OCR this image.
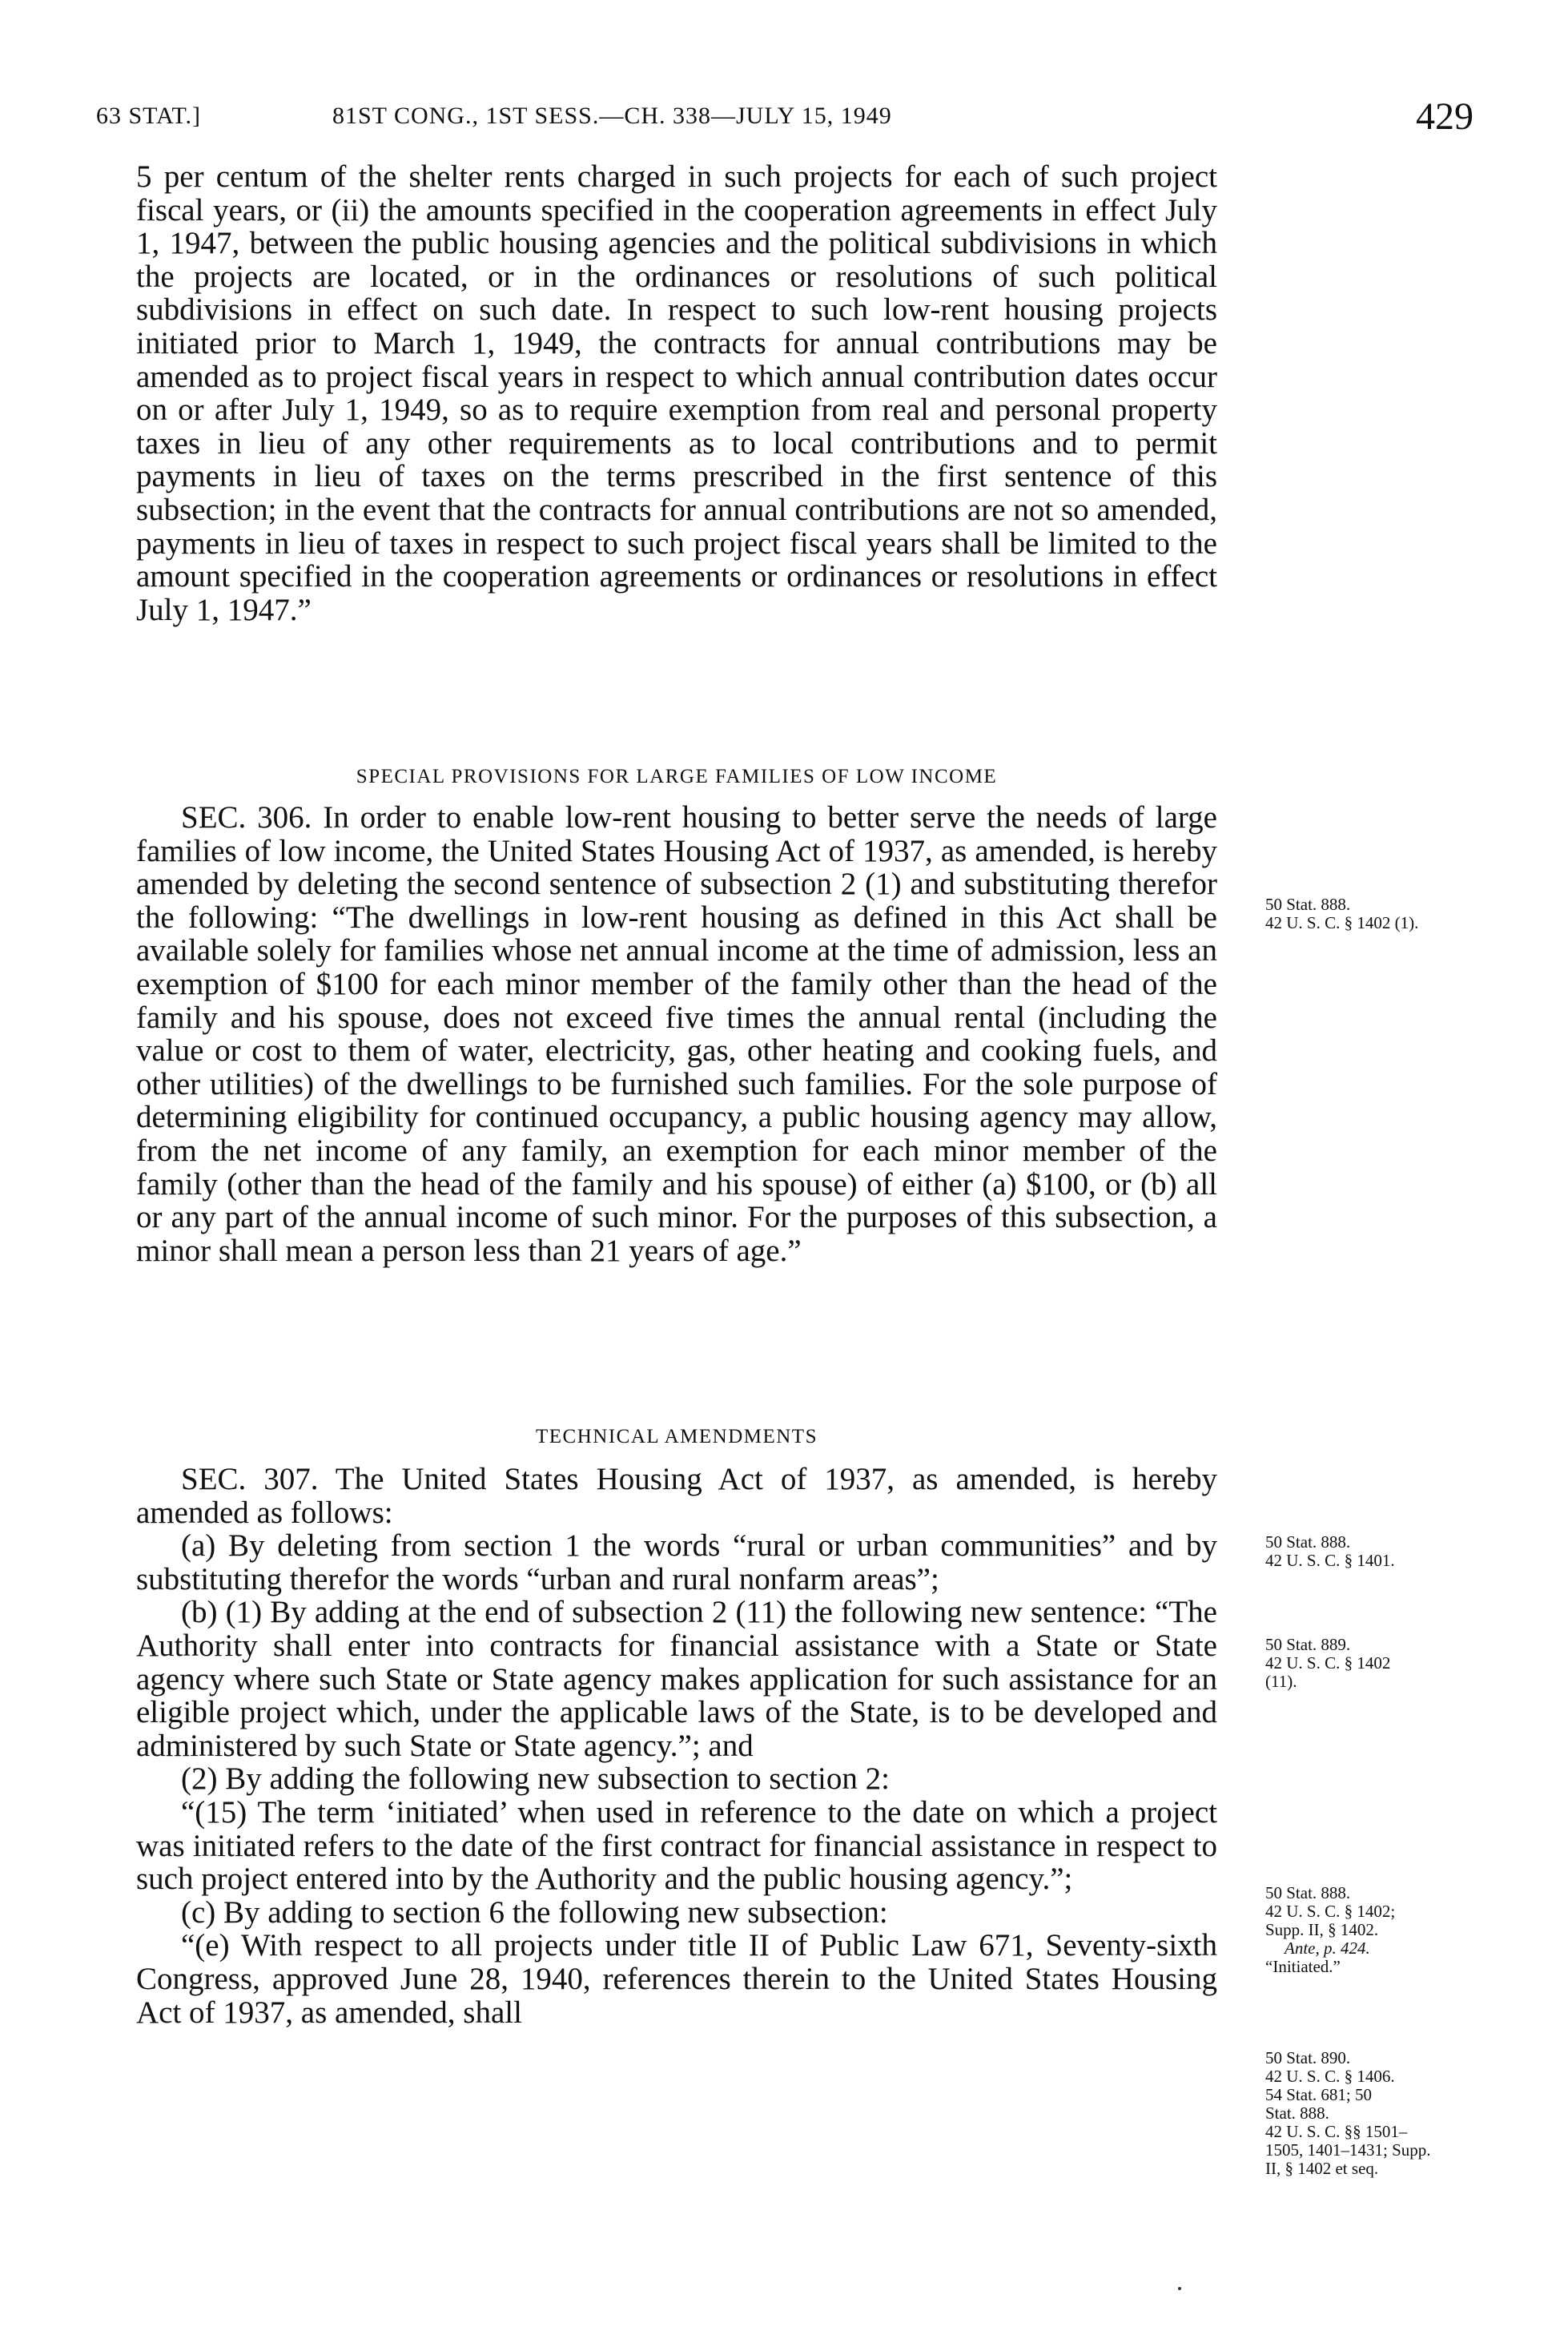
63 STAT.]	81ST CONG., 1ST SESS.—CH. 338—JULY 15, 1949	429

5 per centum of the shelter rents charged in such projects for each of such project fiscal years, or (ii) the amounts specified in the cooperation agreements in effect July 1, 1947, between the public housing agencies and the political subdivisions in which the projects are located, or in the ordinances or resolutions of such political subdivisions in effect on such date. In respect to such low-rent housing projects initiated prior to March 1, 1949, the contracts for annual contributions may be amended as to project fiscal years in respect to which annual contribution dates occur on or after July 1, 1949, so as to require exemption from real and personal property taxes in lieu of any other requirements as to local contributions and to permit payments in lieu of taxes on the terms prescribed in the first sentence of this subsection; in the event that the contracts for annual contributions are not so amended, payments in lieu of taxes in respect to such project fiscal years shall be limited to the amount specified in the cooperation agreements or ordinances or resolutions in effect July 1, 1947.”

SPECIAL PROVISIONS FOR LARGE FAMILIES OF LOW INCOME

SEC. 306. In order to enable low-rent housing to better serve the needs of large families of low income, the United States Housing Act of 1937, as amended, is hereby amended by deleting the second sentence of subsection 2 (1) and substituting therefor the following: “The dwellings in low-rent housing as defined in this Act shall be available solely for families whose net annual income at the time of admission, less an exemption of $100 for each minor member of the family other than the head of the family and his spouse, does not exceed five times the annual rental (including the value or cost to them of water, electricity, gas, other heating and cooking fuels, and other utilities) of the dwellings to be furnished such families. For the sole purpose of determining eligibility for continued occupancy, a public housing agency may allow, from the net income of any family, an exemption for each minor member of the family (other than the head of the family and his spouse) of either (a) $100, or (b) all or any part of the annual income of such minor. For the purposes of this subsection, a minor shall mean a person less than 21 years of age.”

TECHNICAL AMENDMENTS

SEC. 307. The United States Housing Act of 1937, as amended, is hereby amended as follows:

(a) By deleting from section 1 the words “rural or urban communities” and by substituting therefor the words “urban and rural nonfarm areas”;

(b) (1) By adding at the end of subsection 2 (11) the following new sentence: “The Authority shall enter into contracts for financial assistance with a State or State agency where such State or State agency makes application for such assistance for an eligible project which, under the applicable laws of the State, is to be developed and administered by such State or State agency.”; and

(2) By adding the following new subsection to section 2:

“(15) The term ‘initiated’ when used in reference to the date on which a project was initiated refers to the date of the first contract for financial assistance in respect to such project entered into by the Authority and the public housing agency.”;

(c) By adding to section 6 the following new subsection:

“(e) With respect to all projects under title II of Public Law 671, Seventy-sixth Congress, approved June 28, 1940, references therein to the United States Housing Act of 1937, as amended, shall

50 Stat. 888.
42 U. S. C. § 1402 (1).
50 Stat. 888.
42 U. S. C. § 1401.
50 Stat. 889.
42 U. S. C. § 1402
(11).
50 Stat. 888.
42 U. S. C. § 1402;
Supp. II, § 1402.
Ante, p. 424.
“Initiated.”
50 Stat. 890.
42 U. S. C. § 1406.
54 Stat. 681; 50
Stat. 888.
42 U. S. C. §§ 1501–
1505, 1401–1431; Supp.
II, § 1402 et seq.
